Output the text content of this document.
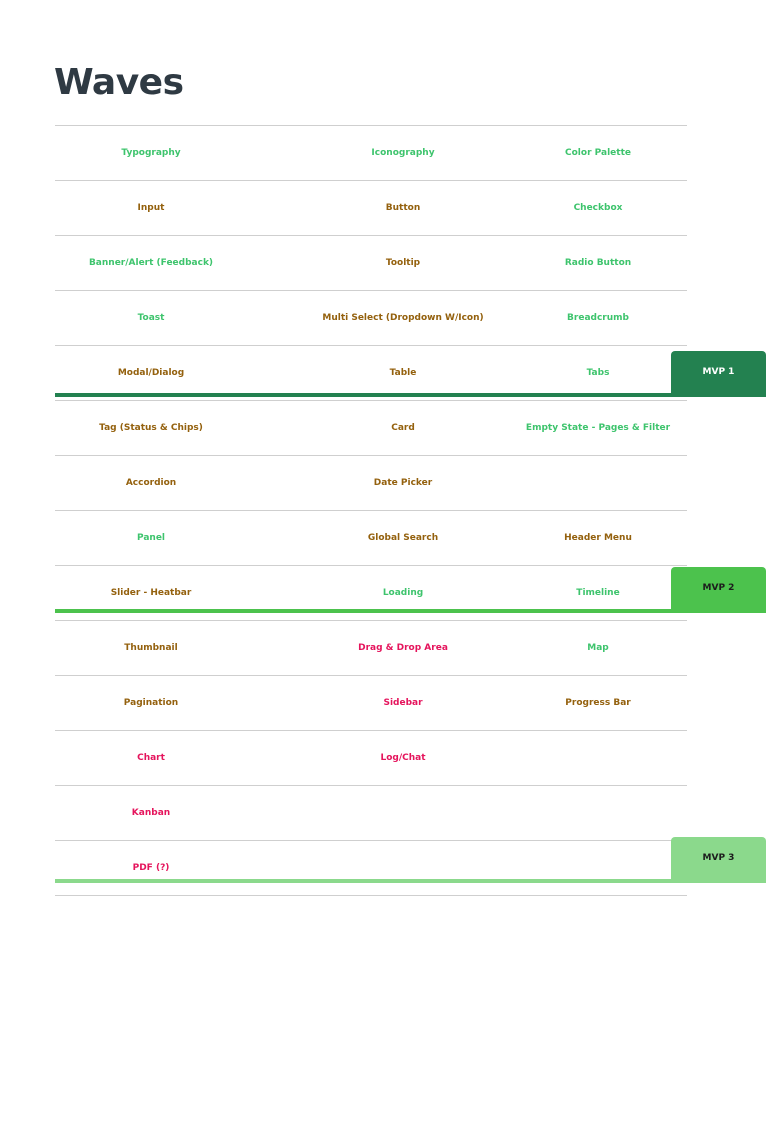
Waves
Typography	Iconography	Color Palette
Input	Button	Checkbox
Banner/Alert (Feedback)	Tooltip	Radio Button
Toast	Multi Select (Dropdown W/Icon)	Breadcrumb
Modal/Dialog	Table	Tabs
Tag (Status & Chips)	Card	Empty State - Pages & Filter
Accordion	Date Picker
Panel	Global Search	Header Menu
Slider - Heatbar	Loading	Timeline
Thumbnail	Drag & Drop Area	Map
Pagination	Sidebar	Progress Bar
Chart	Log/Chat
Kanban
PDF (?)
MVP 1
MVP 2
MVP 3
